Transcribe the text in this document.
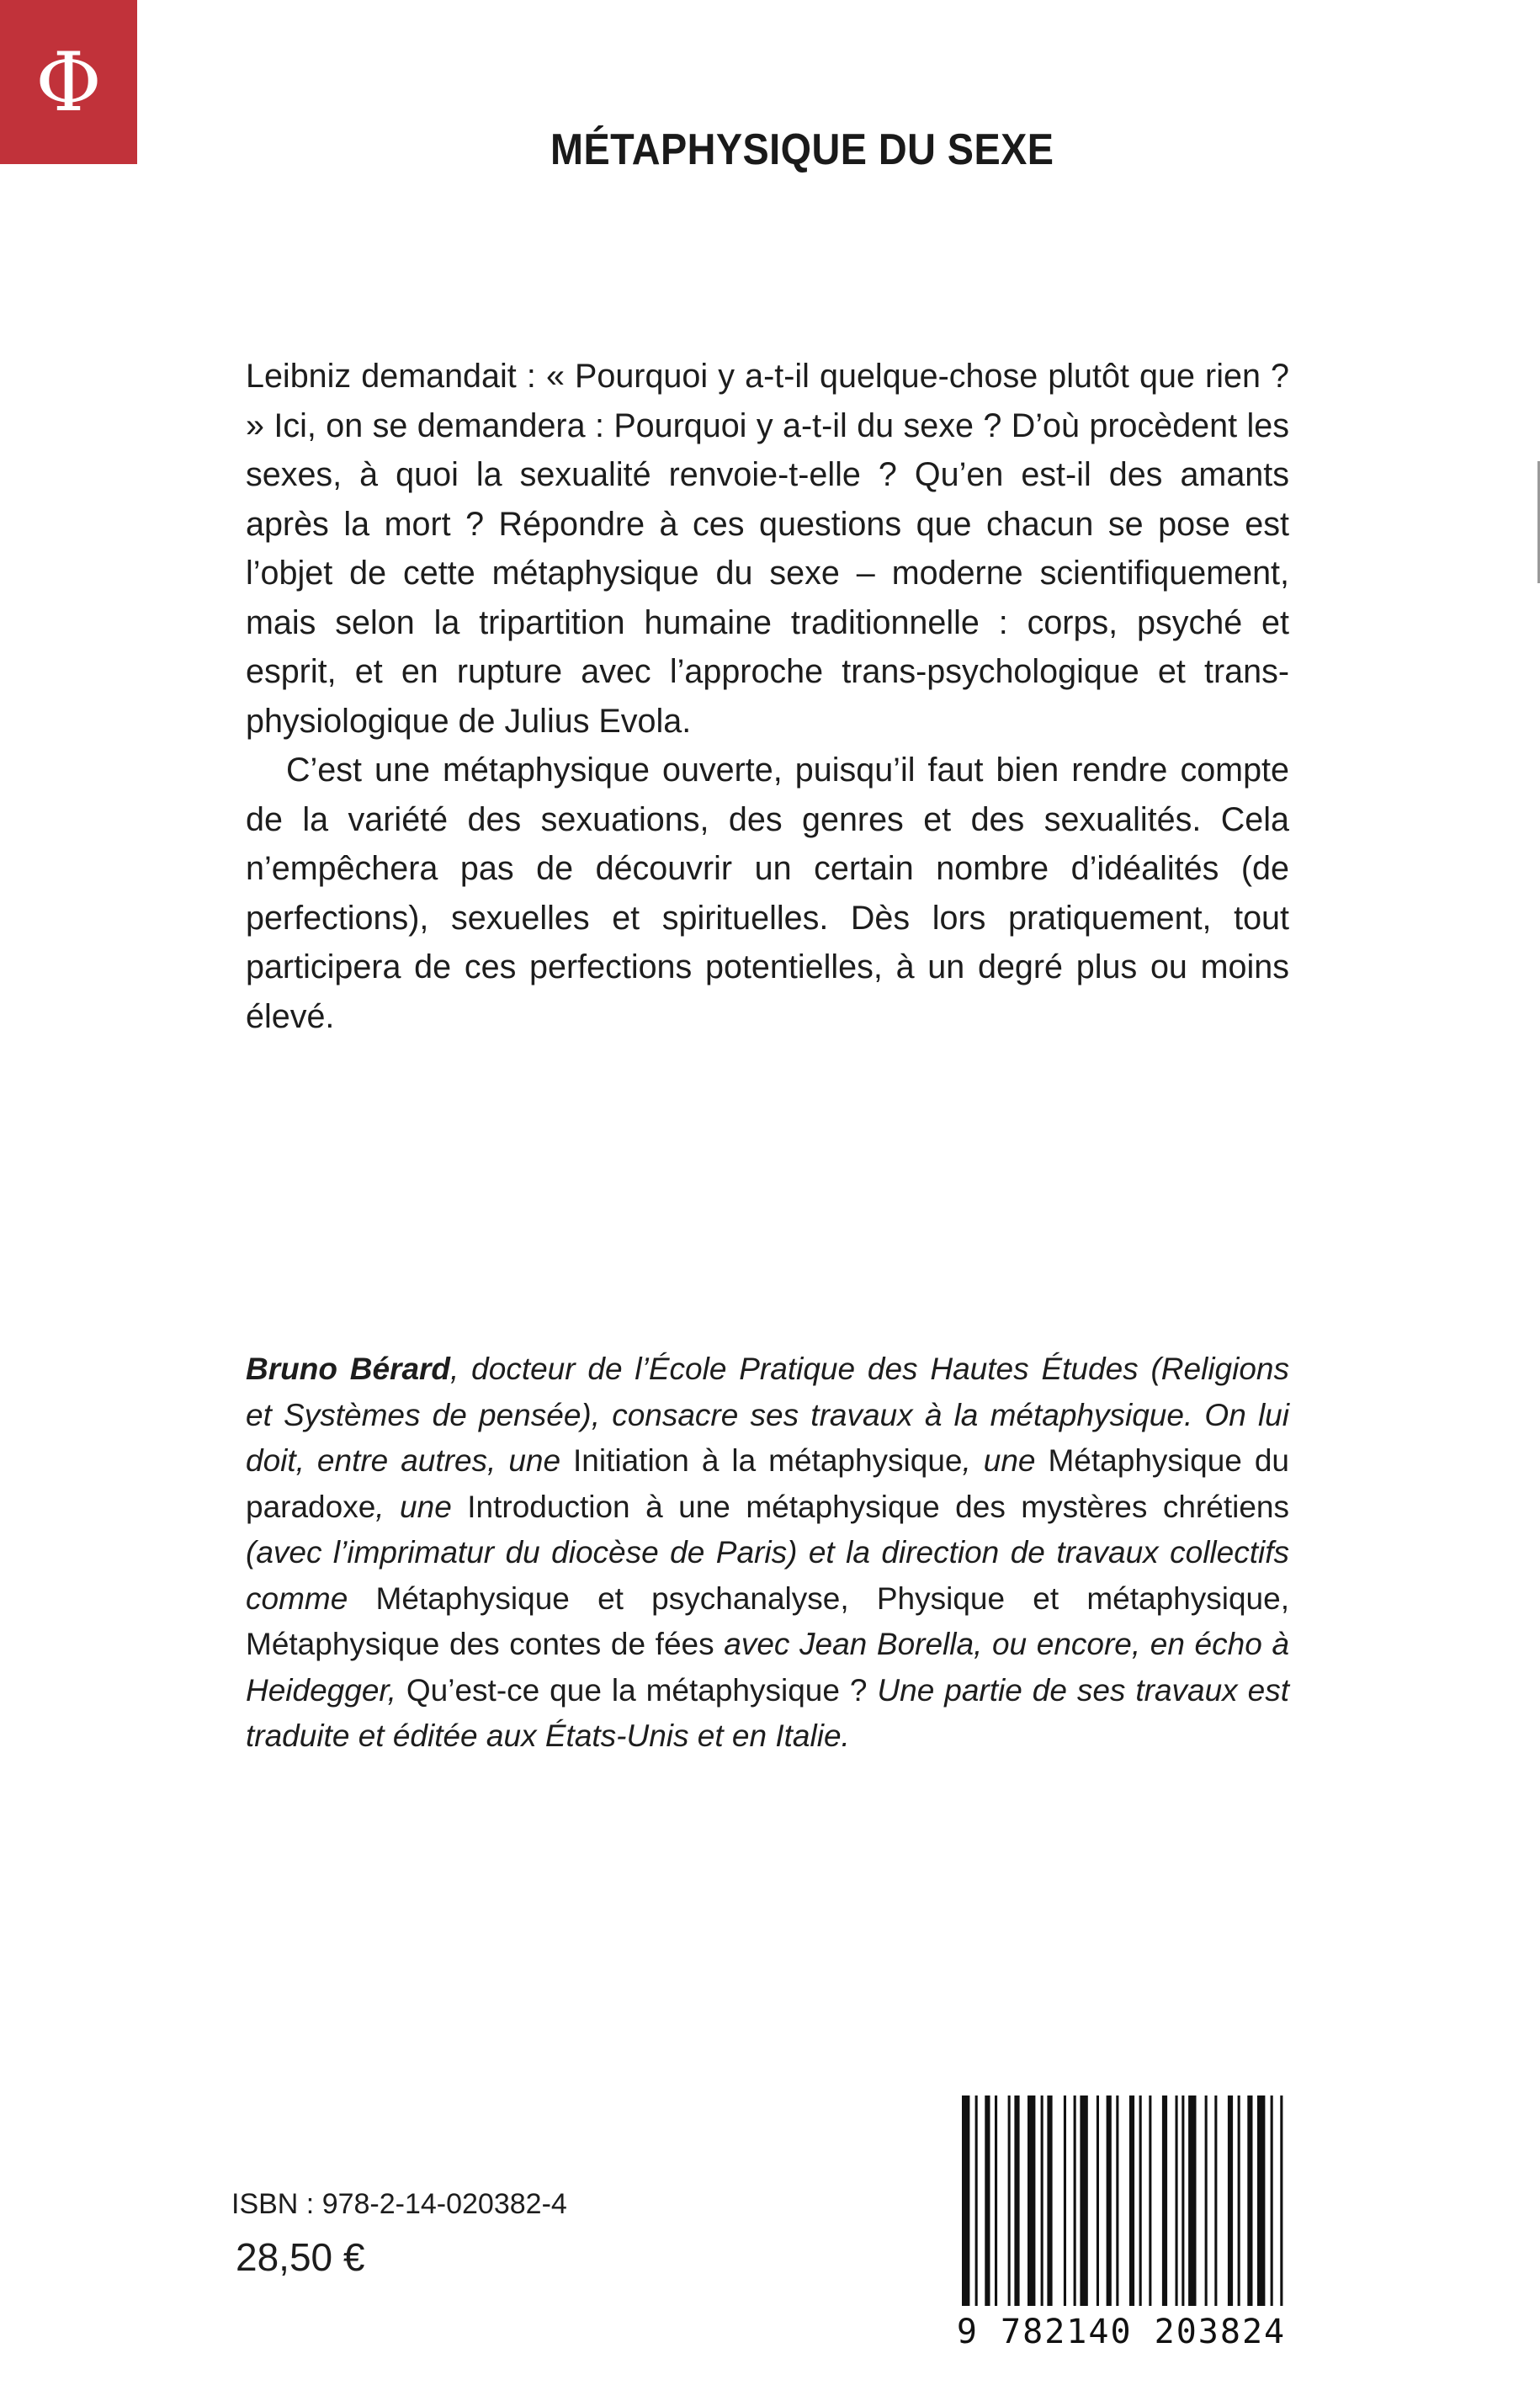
Φ
MÉTAPHYSIQUE DU SEXE

Leibniz demandait : « Pourquoi y a-t-il quelque-chose plutôt que rien ? » Ici, on se demandera : Pourquoi y a-t-il du sexe ? D’où procèdent les sexes, à quoi la sexualité renvoie-t-elle ? Qu’en est-il des amants après la mort ? Répondre à ces questions que chacun se pose est l’objet de cette métaphysique du sexe – moderne scientifiquement, mais selon la tripartition humaine traditionnelle : corps, psyché et esprit, et en rupture avec l’approche trans-psychologique et trans-physiologique de Julius Evola.

C’est une métaphysique ouverte, puisqu’il faut bien rendre compte de la variété des sexuations, des genres et des sexualités. Cela n’empêchera pas de découvrir un certain nombre d’idéalités (de perfections), sexuelles et spirituelles. Dès lors pratiquement, tout participera de ces perfections potentielles, à un degré plus ou moins élevé.

Bruno Bérard, docteur de l’École Pratique des Hautes Études (Religions et Systèmes de pensée), consacre ses travaux à la métaphysique. On lui doit, entre autres, une Initiation à la métaphysique, une Métaphysique du paradoxe, une Introduction à une métaphysique des mystères chrétiens (avec l’imprimatur du diocèse de Paris) et la direction de travaux collectifs comme Métaphysique et psychanalyse, Physique et métaphysique, Métaphysique des contes de fées avec Jean Borella, ou encore, en écho à Heidegger, Qu’est-ce que la métaphysique ? Une partie de ses travaux est traduite et éditée aux États-Unis et en Italie.

ISBN : 978-2-14-020382-4
28,50 €
9 782140 203824
